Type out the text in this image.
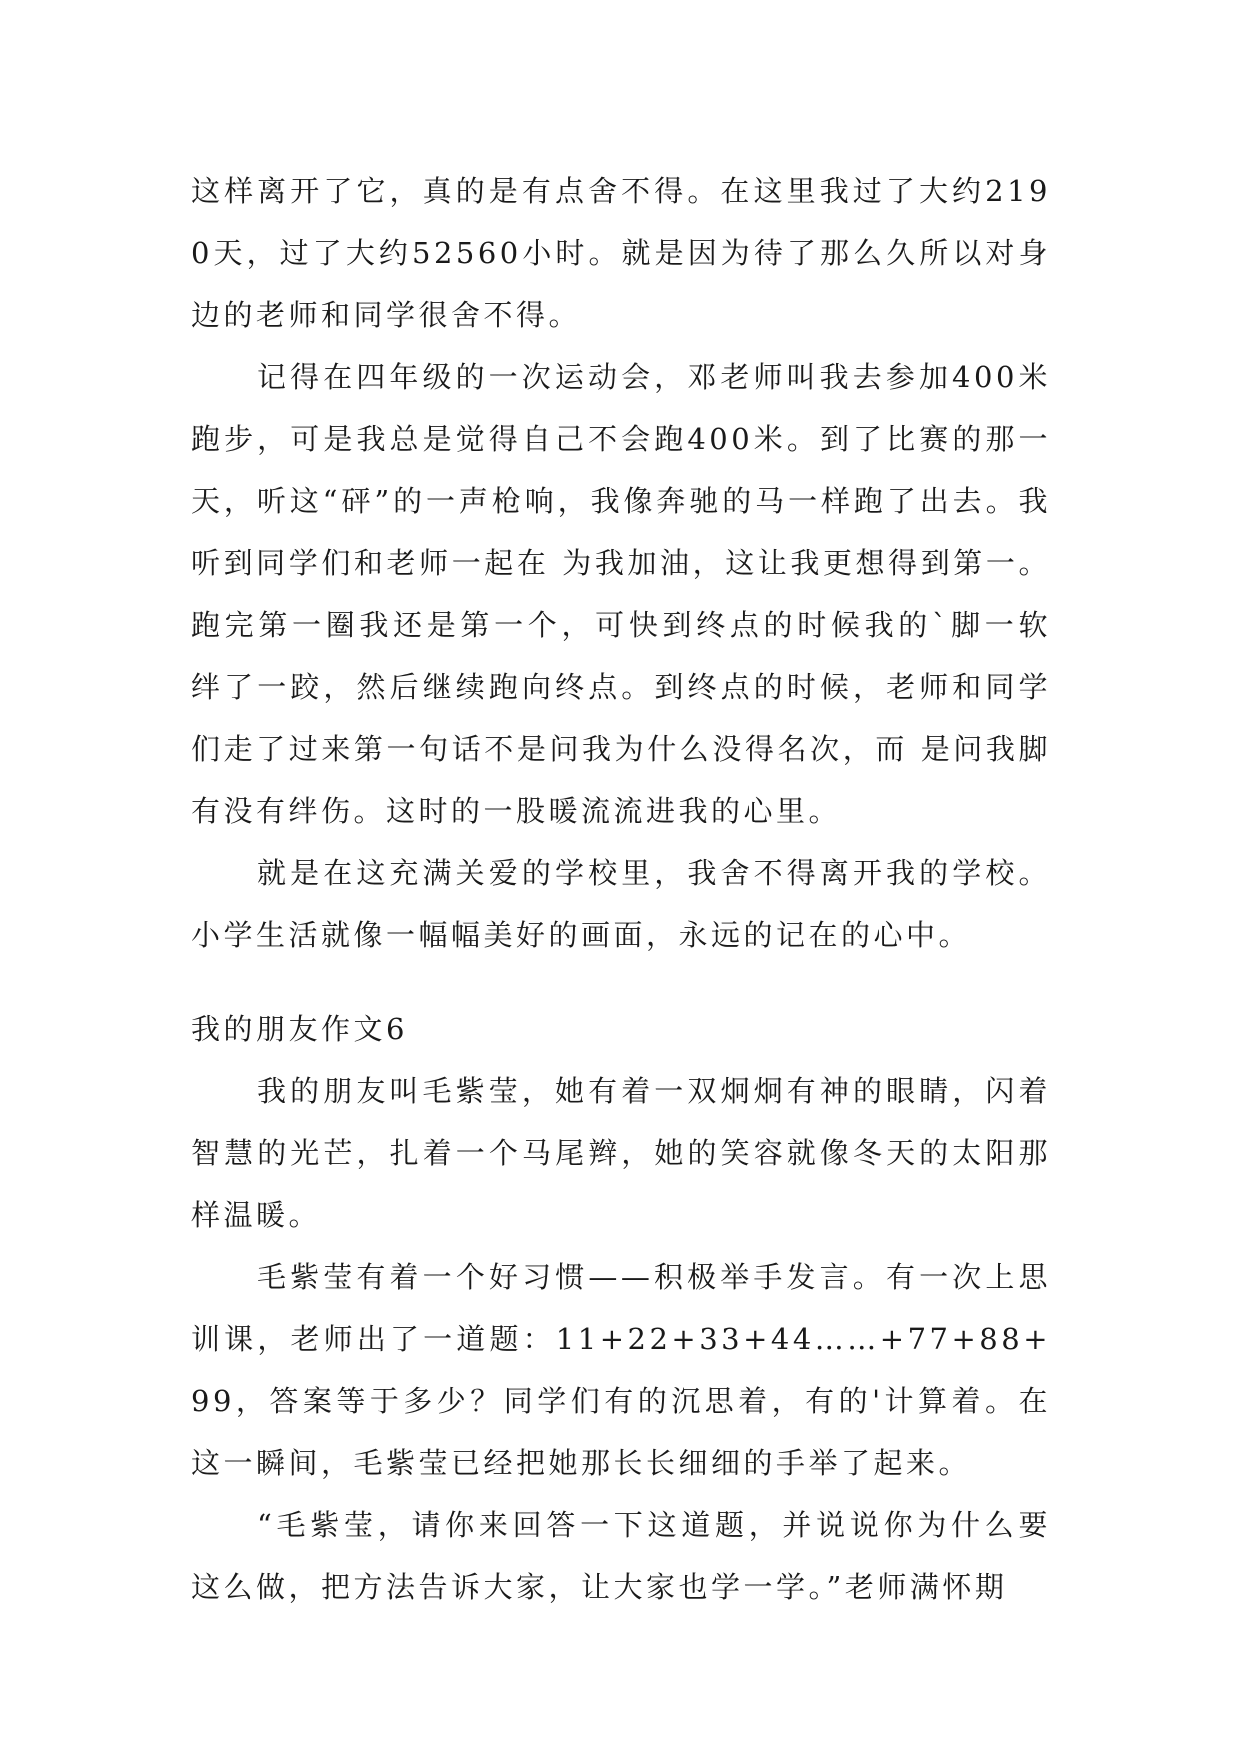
这样离开了它，真的是有点舍不得。在这里我过了大约2190天，过了大约52560小时。就是因为待了那么久所以对身边的老师和同学很舍不得。

记得在四年级的一次运动会，邓老师叫我去参加400米跑步，可是我总是觉得自己不会跑400米。到了比赛的那一天，听这“砰”的一声枪响，我像奔驰的马一样跑了出去。我听到同学们和老师一起在 为我加油，这让我更想得到第一。跑完第一圈我还是第一个，可快到终点的时候我的`脚一软绊了一跤，然后继续跑向终点。到终点的时候，老师和同学们走了过来第一句话不是问我为什么没得名次，而 是问我脚有没有绊伤。这时的一股暖流流进我的心里。

就是在这充满关爱的学校里，我舍不得离开我的学校。小学生活就像一幅幅美好的画面，永远的记在的心中。

我的朋友作文6

我的朋友叫毛紫莹，她有着一双炯炯有神的眼睛，闪着智慧的光芒，扎着一个马尾辫，她的笑容就像冬天的太阳那样温暖。

毛紫莹有着一个好习惯——积极举手发言。有一次上思训课，老师出了一道题：11+22+33+44……+77+88+99，答案等于多少？同学们有的沉思着，有的'计算着。在这一瞬间，毛紫莹已经把她那长长细细的手举了起来。

“毛紫莹，请你来回答一下这道题，并说说你为什么要这么做，把方法告诉大家，让大家也学一学。”老师满怀期
